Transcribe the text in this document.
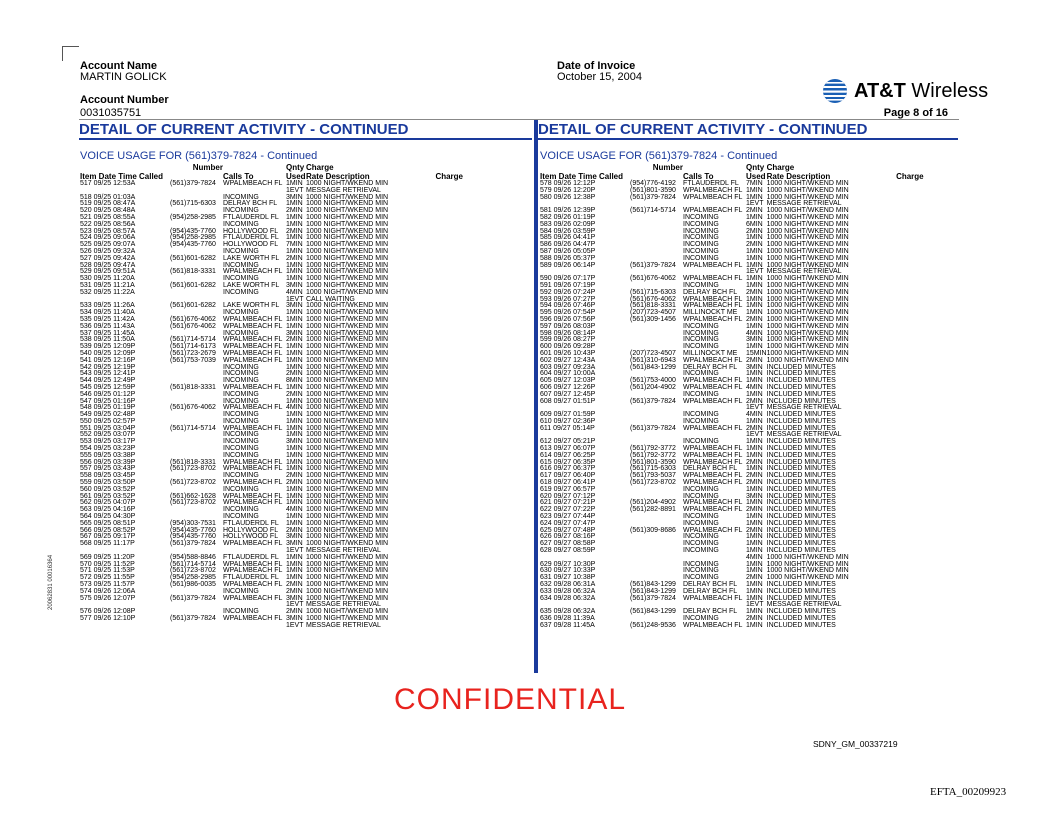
Account Name
MARTIN GOLICK
Account Number
0031035751
Date of Invoice
October 15, 2004
AT&T Wireless
Page 8 of 16
DETAIL OF CURRENT ACTIVITY - CONTINUED	DETAIL OF CURRENT ACTIVITY - CONTINUED
VOICE USAGE FOR (561)379-7824 - Continued
	Number		Qnty	Charge	
Item Date Time Called		Calls To	Used	Rate Description	Charge
517 09/25 12:53A	(561)379-7824	WPALMBEACH FL	1MIN	1000 NIGHT/WKEND MIN	
			1EVT	MESSAGE RETRIEVAL	
518 09/25 01:03A		INCOMING	3MIN	1000 NIGHT/WKEND MIN	
519 09/25 08:47A	(561)715-6303	DELRAY BCH FL	1MIN	1000 NIGHT/WKEND MIN	
520 09/25 08:48A		INCOMING	2MIN	1000 NIGHT/WKEND MIN	
521 09/25 08:55A	(954)258-2985	FTLAUDERDL FL	1MIN	1000 NIGHT/WKEND MIN	
522 09/25 08:56A		INCOMING	1MIN	1000 NIGHT/WKEND MIN	
523 09/25 08:57A	(954)435-7760	HOLLYWOOD FL	2MIN	1000 NIGHT/WKEND MIN	
524 09/25 09:06A	(954)258-2985	FTLAUDERDL FL	1MIN	1000 NIGHT/WKEND MIN	
525 09/25 09:07A	(954)435-7760	HOLLYWOOD FL	7MIN	1000 NIGHT/WKEND MIN	
526 09/25 09:32A		INCOMING	1MIN	1000 NIGHT/WKEND MIN	
527 09/25 09:42A	(561)601-6282	LAKE WORTH FL	2MIN	1000 NIGHT/WKEND MIN	
528 09/25 09:47A		INCOMING	1MIN	1000 NIGHT/WKEND MIN	
529 09/25 09:51A	(561)818-3331	WPALMBEACH FL	1MIN	1000 NIGHT/WKEND MIN	
530 09/25 11:20A		INCOMING	1MIN	1000 NIGHT/WKEND MIN	
531 09/25 11:21A	(561)601-6282	LAKE WORTH FL	3MIN	1000 NIGHT/WKEND MIN	
532 09/25 11:22A		INCOMING	4MIN	1000 NIGHT/WKEND MIN	
			1EVT	CALL WAITING	
533 09/25 11:26A	(561)601-6282	LAKE WORTH FL	3MIN	1000 NIGHT/WKEND MIN	
534 09/25 11:40A		INCOMING	1MIN	1000 NIGHT/WKEND MIN	
535 09/25 11:42A	(561)676-4062	WPALMBEACH FL	1MIN	1000 NIGHT/WKEND MIN	
536 09/25 11:43A	(561)676-4062	WPALMBEACH FL	1MIN	1000 NIGHT/WKEND MIN	
537 09/25 11:45A		INCOMING	3MIN	1000 NIGHT/WKEND MIN	
538 09/25 11:50A	(561)714-5714	WPALMBEACH FL	2MIN	1000 NIGHT/WKEND MIN	
539 09/25 12:09P	(561)714-6173	WPALMBEACH FL	1MIN	1000 NIGHT/WKEND MIN	
540 09/25 12:09P	(561)723-2679	WPALMBEACH FL	1MIN	1000 NIGHT/WKEND MIN	
541 09/25 12:16P	(561)753-7039	WPALMBEACH FL	1MIN	1000 NIGHT/WKEND MIN	
542 09/25 12:19P		INCOMING	1MIN	1000 NIGHT/WKEND MIN	
543 09/25 12:41P		INCOMING	2MIN	1000 NIGHT/WKEND MIN	
544 09/25 12:49P		INCOMING	8MIN	1000 NIGHT/WKEND MIN	
545 09/25 12:59P	(561)818-3331	WPALMBEACH FL	1MIN	1000 NIGHT/WKEND MIN	
546 09/25 01:12P		INCOMING	2MIN	1000 NIGHT/WKEND MIN	
547 09/25 01:16P		INCOMING	1MIN	1000 NIGHT/WKEND MIN	
548 09/25 01:19P	(561)676-4062	WPALMBEACH FL	4MIN	1000 NIGHT/WKEND MIN	
549 09/25 02:48P		INCOMING	1MIN	1000 NIGHT/WKEND MIN	
550 09/25 02:57P		INCOMING	1MIN	1000 NIGHT/WKEND MIN	
551 09/25 03:04P	(561)714-5714	WPALMBEACH FL	1MIN	1000 NIGHT/WKEND MIN	
552 09/25 03:07P		INCOMING	1MIN	1000 NIGHT/WKEND MIN	
553 09/25 03:17P		INCOMING	3MIN	1000 NIGHT/WKEND MIN	
554 09/25 03:23P		INCOMING	1MIN	1000 NIGHT/WKEND MIN	
555 09/25 03:38P		INCOMING	1MIN	1000 NIGHT/WKEND MIN	
556 09/25 03:39P	(561)818-3331	WPALMBEACH FL	1MIN	1000 NIGHT/WKEND MIN	
557 09/25 03:43P	(561)723-8702	WPALMBEACH FL	1MIN	1000 NIGHT/WKEND MIN	
558 09/25 03:45P		INCOMING	2MIN	1000 NIGHT/WKEND MIN	
559 09/25 03:50P	(561)723-8702	WPALMBEACH FL	2MIN	1000 NIGHT/WKEND MIN	
560 09/25 03:52P		INCOMING	1MIN	1000 NIGHT/WKEND MIN	
561 09/25 03:52P	(561)662-1628	WPALMBEACH FL	1MIN	1000 NIGHT/WKEND MIN	
562 09/25 04:07P	(561)723-8702	WPALMBEACH FL	1MIN	1000 NIGHT/WKEND MIN	
563 09/25 04:16P		INCOMING	4MIN	1000 NIGHT/WKEND MIN	
564 09/25 04:30P		INCOMING	1MIN	1000 NIGHT/WKEND MIN	
565 09/25 08:51P	(954)303-7531	FTLAUDERDL FL	1MIN	1000 NIGHT/WKEND MIN	
566 09/25 08:52P	(954)435-7760	HOLLYWOOD FL	2MIN	1000 NIGHT/WKEND MIN	
567 09/25 09:17P	(954)435-7760	HOLLYWOOD FL	3MIN	1000 NIGHT/WKEND MIN	
568 09/25 11:17P	(561)379-7824	WPALMBEACH FL	3MIN	1000 NIGHT/WKEND MIN	
			1EVT	MESSAGE RETRIEVAL	
569 09/25 11:20P	(954)588-8846	FTLAUDERDL FL	1MIN	1000 NIGHT/WKEND MIN	
570 09/25 11:52P	(561)714-5714	WPALMBEACH FL	1MIN	1000 NIGHT/WKEND MIN	
571 09/25 11:53P	(561)723-8702	WPALMBEACH FL	1MIN	1000 NIGHT/WKEND MIN	
572 09/25 11:55P	(954)258-2985	FTLAUDERDL FL	1MIN	1000 NIGHT/WKEND MIN	
573 09/25 11:57P	(561)986-0035	WPALMBEACH FL	2MIN	1000 NIGHT/WKEND MIN	
574 09/26 12:06A		INCOMING	2MIN	1000 NIGHT/WKEND MIN	
575 09/26 12:07P	(561)379-7824	WPALMBEACH FL	3MIN	1000 NIGHT/WKEND MIN	
			1EVT	MESSAGE RETRIEVAL	
576 09/26 12:08P		INCOMING	2MIN	1000 NIGHT/WKEND MIN	
577 09/26 12:10P	(561)379-7824	WPALMBEACH FL	3MIN	1000 NIGHT/WKEND MIN	
			1EVT	MESSAGE RETRIEVAL	
VOICE USAGE FOR (561)379-7824 - Continued
	Number		Qnty	Charge	
Item Date Time Called		Calls To	Used	Rate Description	Charge
578 09/26 12:12P	(954)776-4192	FTLAUDERDL FL	7MIN	1000 NIGHT/WKEND MIN	
579 09/26 12:20P	(561)801-3590	WPALMBEACH FL	1MIN	1000 NIGHT/WKEND MIN	
580 09/26 12:38P	(561)379-7824	WPALMBEACH FL	1MIN	1000 NIGHT/WKEND MIN	
			1EVT	MESSAGE RETRIEVAL	
581 09/26 12:39P	(561)714-5714	WPALMBEACH FL	2MIN	1000 NIGHT/WKEND MIN	
582 09/26 01:19P		INCOMING	1MIN	1000 NIGHT/WKEND MIN	
583 09/26 02:09P		INCOMING	6MIN	1000 NIGHT/WKEND MIN	
584 09/26 03:59P		INCOMING	2MIN	1000 NIGHT/WKEND MIN	
585 09/26 04:41P		INCOMING	1MIN	1000 NIGHT/WKEND MIN	
586 09/26 04:47P		INCOMING	2MIN	1000 NIGHT/WKEND MIN	
587 09/26 05:05P		INCOMING	1MIN	1000 NIGHT/WKEND MIN	
588 09/26 05:37P		INCOMING	1MIN	1000 NIGHT/WKEND MIN	
589 09/26 06:14P	(561)379-7824	WPALMBEACH FL	1MIN	1000 NIGHT/WKEND MIN	
			1EVT	MESSAGE RETRIEVAL	
590 09/26 07:17P	(561)676-4062	WPALMBEACH FL	1MIN	1000 NIGHT/WKEND MIN	
591 09/26 07:19P		INCOMING	1MIN	1000 NIGHT/WKEND MIN	
592 09/26 07:24P	(561)715-6303	DELRAY BCH FL	2MIN	1000 NIGHT/WKEND MIN	
593 09/26 07:27P	(561)676-4062	WPALMBEACH FL	1MIN	1000 NIGHT/WKEND MIN	
594 09/26 07:46P	(561)818-3331	WPALMBEACH FL	1MIN	1000 NIGHT/WKEND MIN	
595 09/26 07:54P	(207)723-4507	MILLINOCKT ME	1MIN	1000 NIGHT/WKEND MIN	
596 09/26 07:56P	(561)309-1456	WPALMBEACH FL	2MIN	1000 NIGHT/WKEND MIN	
597 09/26 08:03P		INCOMING	1MIN	1000 NIGHT/WKEND MIN	
598 09/26 08:14P		INCOMING	4MIN	1000 NIGHT/WKEND MIN	
599 09/26 08:27P		INCOMING	3MIN	1000 NIGHT/WKEND MIN	
600 09/26 09:28P		INCOMING	1MIN	1000 NIGHT/WKEND MIN	
601 09/26 10:43P	(207)723-4507	MILLINOCKT ME	15MIN	1000 NIGHT/WKEND MIN	
602 09/27 12:43A	(561)310-6943	WPALMBEACH FL	2MIN	1000 NIGHT/WKEND MIN	
603 09/27 09:23A	(561)843-1299	DELRAY BCH FL	3MIN	INCLUDED MINUTES	
604 09/27 10:00A		INCOMING	1MIN	INCLUDED MINUTES	
605 09/27 12:03P	(561)753-4000	WPALMBEACH FL	1MIN	INCLUDED MINUTES	
606 09/27 12:26P	(561)204-4902	WPALMBEACH FL	4MIN	INCLUDED MINUTES	
607 09/27 12:45P		INCOMING	1MIN	INCLUDED MINUTES	
608 09/27 01:51P	(561)379-7824	WPALMBEACH FL	2MIN	INCLUDED MINUTES	
			1EVT	MESSAGE RETRIEVAL	
609 09/27 01:59P		INCOMING	4MIN	INCLUDED MINUTES	
610 09/27 02:36P		INCOMING	1MIN	INCLUDED MINUTES	
611 09/27 05:14P	(561)379-7824	WPALMBEACH FL	2MIN	INCLUDED MINUTES	
			1EVT	MESSAGE RETRIEVAL	
612 09/27 05:21P		INCOMING	1MIN	INCLUDED MINUTES	
613 09/27 06:07P	(561)792-3772	WPALMBEACH FL	1MIN	INCLUDED MINUTES	
614 09/27 06:25P	(561)792-3772	WPALMBEACH FL	1MIN	INCLUDED MINUTES	
615 09/27 06:35P	(561)801-3590	WPALMBEACH FL	2MIN	INCLUDED MINUTES	
616 09/27 06:37P	(561)715-6303	DELRAY BCH FL	1MIN	INCLUDED MINUTES	
617 09/27 06:40P	(561)793-5037	WPALMBEACH FL	2MIN	INCLUDED MINUTES	
618 09/27 06:41P	(561)723-8702	WPALMBEACH FL	2MIN	INCLUDED MINUTES	
619 09/27 06:57P		INCOMING	1MIN	INCLUDED MINUTES	
620 09/27 07:12P		INCOMING	3MIN	INCLUDED MINUTES	
621 09/27 07:21P	(561)204-4902	WPALMBEACH FL	1MIN	INCLUDED MINUTES	
622 09/27 07:22P	(561)282-8891	WPALMBEACH FL	2MIN	INCLUDED MINUTES	
623 09/27 07:44P		INCOMING	1MIN	INCLUDED MINUTES	
624 09/27 07:47P		INCOMING	1MIN	INCLUDED MINUTES	
625 09/27 07:48P	(561)309-8686	WPALMBEACH FL	2MIN	INCLUDED MINUTES	
626 09/27 08:16P		INCOMING	1MIN	INCLUDED MINUTES	
627 09/27 08:58P		INCOMING	1MIN	INCLUDED MINUTES	
628 09/27 08:59P		INCOMING	1MIN	INCLUDED MINUTES	
			4MIN	1000 NIGHT/WKEND MIN	
629 09/27 10:30P		INCOMING	1MIN	1000 NIGHT/WKEND MIN	
630 09/27 10:33P		INCOMING	1MIN	1000 NIGHT/WKEND MIN	
631 09/27 10:38P		INCOMING	2MIN	1000 NIGHT/WKEND MIN	
632 09/28 06:31A	(561)843-1299	DELRAY BCH FL	1MIN	INCLUDED MINUTES	
633 09/28 06:32A	(561)843-1299	DELRAY BCH FL	1MIN	INCLUDED MINUTES	
634 09/28 06:32A	(561)379-7824	WPALMBEACH FL	1MIN	INCLUDED MINUTES	
			1EVT	MESSAGE RETRIEVAL	
635 09/28 06:32A	(561)843-1299	DELRAY BCH FL	1MIN	INCLUDED MINUTES	
636 09/28 11:39A		INCOMING	2MIN	INCLUDED MINUTES	
637 09/28 11:45A	(561)248-9536	WPALMBEACH FL	1MIN	INCLUDED MINUTES	
CONFIDENTIAL
SDNY_GM_00337219
EFTA_00209923
20062831 00016364
